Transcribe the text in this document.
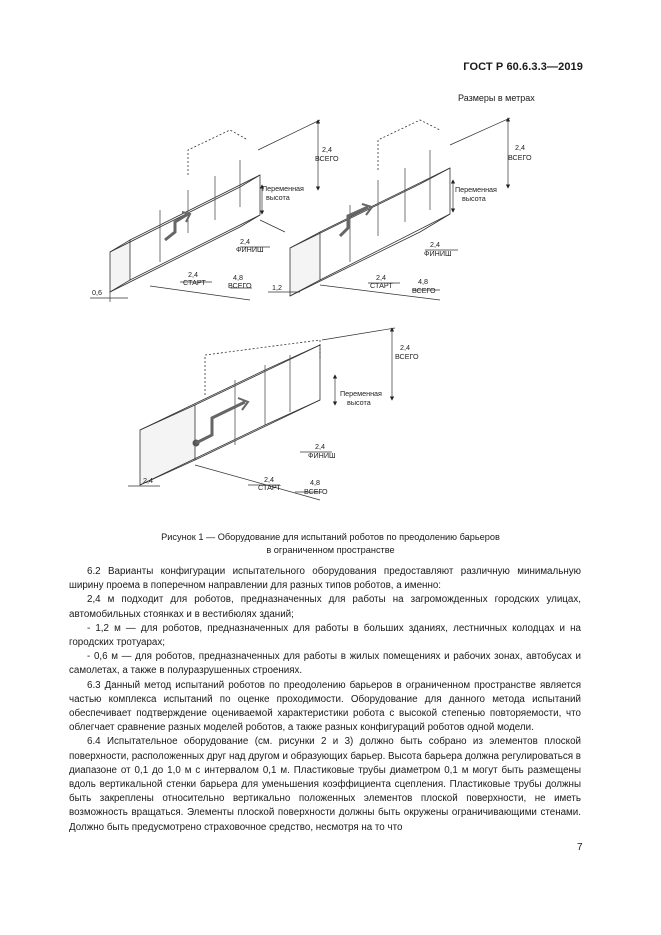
ГОСТ Р 60.6.3.3—2019
Размеры в метрах
2,4
ВСЕГО
Переменная
высота
2,4
ФИНИШ
2,4
СТАРТ
4,8
ВСЕГО
0,6
2,4
ВСЕГО
Переменная
высота
2,4
ФИНИШ
2,4
СТАРТ	4,8
ВСЕГО
1,2
2,4
ВСЕГО
Переменная
высота
2,4
ФИНИШ
2,4
СТАРТ
4,8
ВСЕГО
2,4
Рисунок 1 — Оборудование для испытаний роботов по преодолению барьеров
в ограниченном пространстве

6.2 Варианты конфигурации испытательного оборудования предоставляют различную минимальную ширину проема в поперечном направлении для разных типов роботов, а именно:

2,4 м подходит для роботов, предназначенных для работы на загроможденных городских улицах, автомобильных стоянках и в вестибюлях зданий;

- 1,2 м — для роботов, предназначенных для работы в больших зданиях, лестничных колодцах и на городских тротуарах;

- 0,6 м — для роботов, предназначенных для работы в жилых помещениях и рабочих зонах, автобусах и самолетах, а также в полуразрушенных строениях.

6.3 Данный метод испытаний роботов по преодолению барьеров в ограниченном пространстве является частью комплекса испытаний по оценке проходимости. Оборудование для данного метода испытаний обеспечивает подтверждение оцениваемой характеристики робота с высокой степенью повторяемости, что облегчает сравнение разных моделей роботов, а также разных конфигураций роботов одной модели.

6.4 Испытательное оборудование (см. рисунки 2 и 3) должно быть собрано из элементов плоской поверхности, расположенных друг над другом и образующих барьер. Высота барьера должна регулироваться в диапазоне от 0,1 до 1,0 м с интервалом 0,1 м. Пластиковые трубы диаметром 0,1 м могут быть размещены вдоль вертикальной стенки барьера для уменьшения коэффициента сцепления. Пластиковые трубы должны быть закреплены относительно вертикально положенных элементов плоской поверхности, не иметь возможность вращаться. Элементы плоской поверхности должны быть окружены ограничивающими стенами. Должно быть предусмотрено страховочное средство, несмотря на то что

7
